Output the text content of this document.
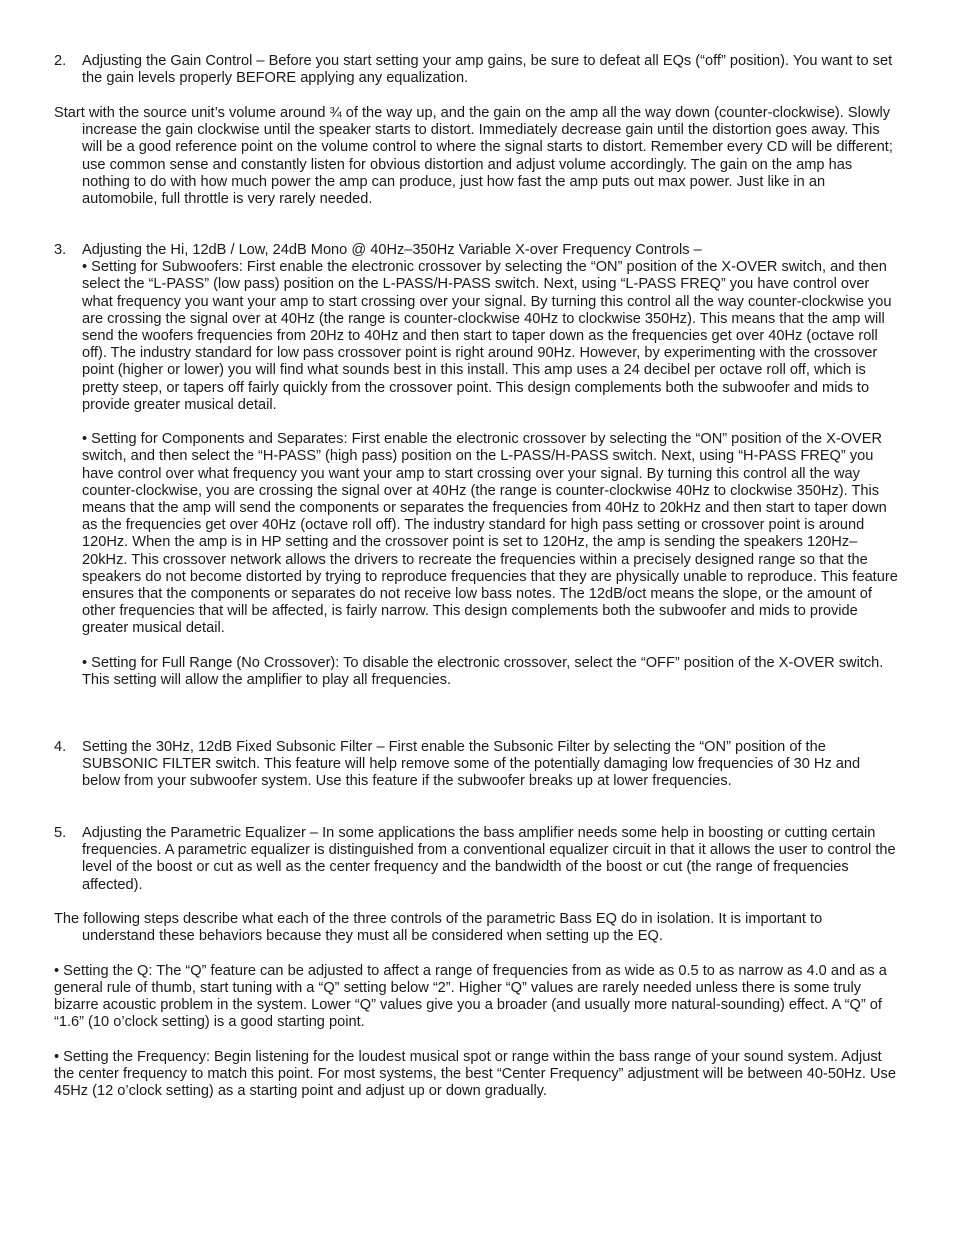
2.	Adjusting the Gain Control – Before you start setting your amp gains, be sure to defeat all EQs (“off” position). You want to set the gain levels properly BEFORE applying any equalization.

Start with the source unit’s volume around ¾ of the way up, and the gain on the amp all the way down (counter-clockwise). Slowly increase the gain clockwise until the speaker starts to distort. Immediately decrease gain until the distortion goes away. This will be a good reference point on the volume control to where the signal starts to distort. Remember every CD will be different; use common sense and constantly listen for obvious distortion and adjust volume accordingly. The gain on the amp has nothing to do with how much power the amp can produce, just how fast the amp puts out max power. Just like in an automobile, full throttle is very rarely needed.

3.	Adjusting the Hi, 12dB / Low, 24dB Mono @ 40Hz–350Hz Variable X-over Frequency Controls –

• Setting for Subwoofers: First enable the electronic crossover by selecting the “ON” position of the X-OVER switch, and then select the “L-PASS” (low pass) position on the L-PASS/H-PASS switch. Next, using “L-PASS FREQ” you have control over what frequency you want your amp to start crossing over your signal. By turning this control all the way counter-clockwise you are crossing the signal over at 40Hz (the range is counter-clockwise 40Hz to clockwise 350Hz). This means that the amp will send the woofers frequencies from 20Hz to 40Hz and then start to taper down as the frequencies get over 40Hz (octave roll off). The industry standard for low pass crossover point is right around 90Hz. However, by experimenting with the crossover point (higher or lower) you will find what sounds best in this install. This amp uses a 24 decibel per octave roll off, which is pretty steep, or tapers off fairly quickly from the crossover point. This design complements both the subwoofer and mids to provide greater musical detail.

• Setting for Components and Separates: First enable the electronic crossover by selecting the “ON” position of the X-OVER switch, and then select the “H-PASS” (high pass) position on the L-PASS/H-PASS switch. Next, using “H-PASS FREQ” you have control over what frequency you want your amp to start crossing over your signal. By turning this control all the way counter-clockwise, you are crossing the signal over at 40Hz (the range is counter-clockwise 40Hz to clockwise 350Hz). This means that the amp will send the components or separates the frequencies from 40Hz to 20kHz and then start to taper down as the frequencies get over 40Hz (octave roll off). The industry standard for high pass setting or crossover point is around 120Hz. When the amp is in HP setting and the crossover point is set to 120Hz, the amp is sending the speakers 120Hz–20kHz. This crossover network allows the drivers to recreate the frequencies within a precisely designed range so that the speakers do not become distorted by trying to reproduce frequencies that they are physically unable to reproduce. This feature ensures that the components or separates do not receive low bass notes. The 12dB/oct means the slope, or the amount of other frequencies that will be affected, is fairly narrow. This design complements both the subwoofer and mids to provide greater musical detail.

• Setting for Full Range (No Crossover): To disable the electronic crossover, select the “OFF” position of the X-OVER switch. This setting will allow the amplifier to play all frequencies.

4.	Setting the 30Hz, 12dB Fixed Subsonic Filter – First enable the Subsonic Filter by selecting the “ON” position of the SUBSONIC FILTER switch. This feature will help remove some of the potentially damaging low frequencies of 30 Hz and below from your subwoofer system. Use this feature if the subwoofer breaks up at lower frequencies.

5.	Adjusting the Parametric Equalizer – In some applications the bass amplifier needs some help in boosting or cutting certain frequencies. A parametric equalizer is distinguished from a conventional equalizer circuit in that it allows the user to control the level of the boost or cut as well as the center frequency and the bandwidth of the boost or cut (the range of frequencies affected).

The following steps describe what each of the three controls of the parametric Bass EQ do in isolation. It is important to understand these behaviors because they must all be considered when setting up the EQ.

• Setting the Q: The “Q” feature can be adjusted to affect a range of frequencies from as wide as 0.5 to as narrow as 4.0 and as a general rule of thumb, start tuning with a “Q” setting below “2”. Higher “Q” values are rarely needed unless there is some truly bizarre acoustic problem in the system. Lower “Q” values give you a broader (and usually more natural-sounding) effect. A “Q” of “1.6” (10 o’clock setting) is a good starting point.

• Setting the Frequency: Begin listening for the loudest musical spot or range within the bass range of your sound system. Adjust the center frequency to match this point. For most systems, the best “Center Frequency” adjustment will be between 40-50Hz. Use 45Hz (12 o’clock setting) as a starting point and adjust up or down gradually.
